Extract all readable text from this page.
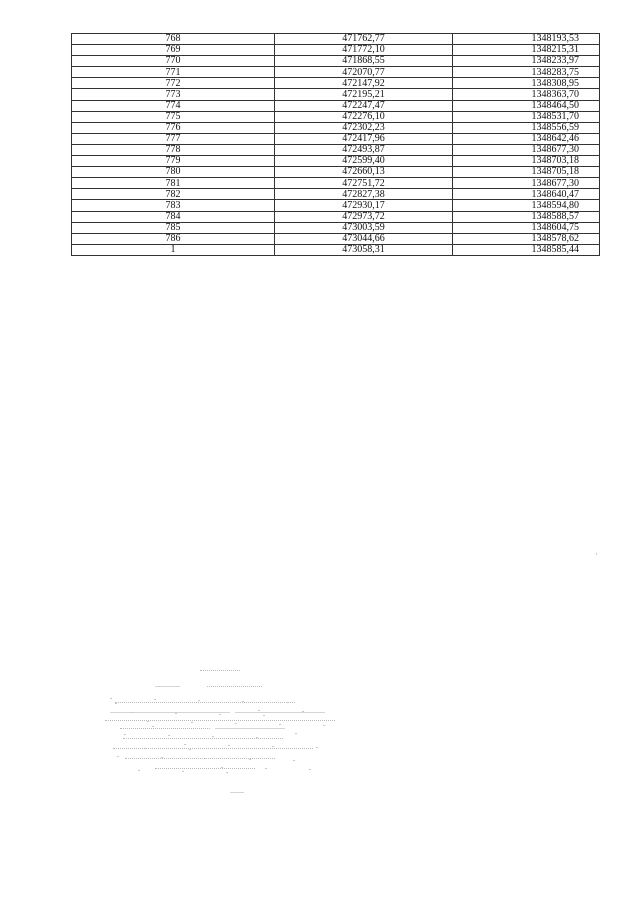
768	471762,77	1348193,53
769	471772,10	1348215,31
770	471868,55	1348233,97
771	472070,77	1348283,75
772	472147,92	1348308,95
773	472195,21	1348363,70
774	472247,47	1348464,50
775	472276,10	1348531,70
776	472302,23	1348556,59
777	472417,96	1348642,46
778	472493,87	1348677,30
779	472599,40	1348703,18
780	472660,13	1348705,18
781	472751,72	1348677,30
782	472827,38	1348640,47
783	472930,17	1348594,80
784	472973,72	1348588,57
785	473003,59	1348604,75
786	473044,66	1348578,62
1	473058,31	1348585,44
